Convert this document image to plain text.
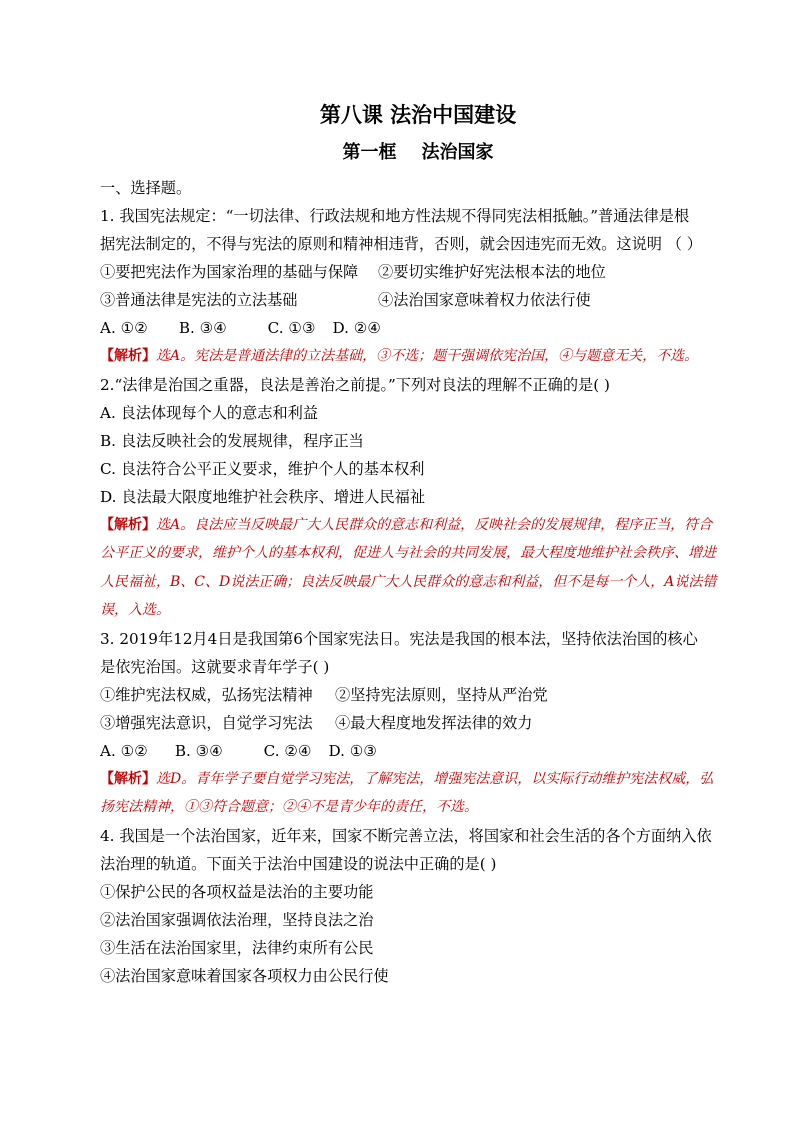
第八课 法治中国建设
第一框    法治国家
一、选择题。
1. 我国宪法规定：“一切法律、行政法规和地方性法规不得同宪法相抵触。”普通法律是根
据宪法制定的，不得与宪法的原则和精神相违背，否则，就会因违宪而无效。这说明 （ ）
①要把宪法作为国家治理的基础与保障	②要切实维护好宪法根本法的地位
③普通法律是宪法的立法基础	④法治国家意味着权力依法行使
A. ①② B. ③④	C. ①③ D. ②④
【解析】选A。宪法是普通法律的立法基础，③不选；题干强调依宪治国，④与题意无关，不选。
2.“法律是治国之重器，良法是善治之前提。”下列对良法的理解不正确的是( )
A. 良法体现每个人的意志和利益
B. 良法反映社会的发展规律，程序正当
C. 良法符合公平正义要求，维护个人的基本权利
D. 良法最大限度地维护社会秩序、增进人民福祉
【解析】选A。良法应当反映最广大人民群众的意志和利益，反映社会的发展规律，程序正当，符合公平正义的要求，维护个人的基本权利，促进人与社会的共同发展，最大程度地维护社会秩序、增进人民福祉，B、C、D说法正确；良法反映最广大人民群众的意志和利益，但不是每一个人，A说法错误，入选。
3. 2019年12月4日是我国第6个国家宪法日。宪法是我国的根本法，坚持依法治国的核心
是依宪治国。这就要求青年学子( )
①维护宪法权威，弘扬宪法精神	②坚持宪法原则，坚持从严治党
③增强宪法意识，自觉学习宪法	④最大程度地发挥法律的效力
A. ①② B. ③④	C. ②④ D. ①③
【解析】选D。青年学子要自觉学习宪法，了解宪法，增强宪法意识，以实际行动维护宪法权威，弘扬宪法精神，①③符合题意；②④不是青少年的责任，不选。
4. 我国是一个法治国家，近年来，国家不断完善立法，将国家和社会生活的各个方面纳入依
法治理的轨道。下面关于法治中国建设的说法中正确的是( )
①保护公民的各项权益是法治的主要功能
②法治国家强调依法治理，坚持良法之治
③生活在法治国家里，法律约束所有公民
④法治国家意味着国家各项权力由公民行使
